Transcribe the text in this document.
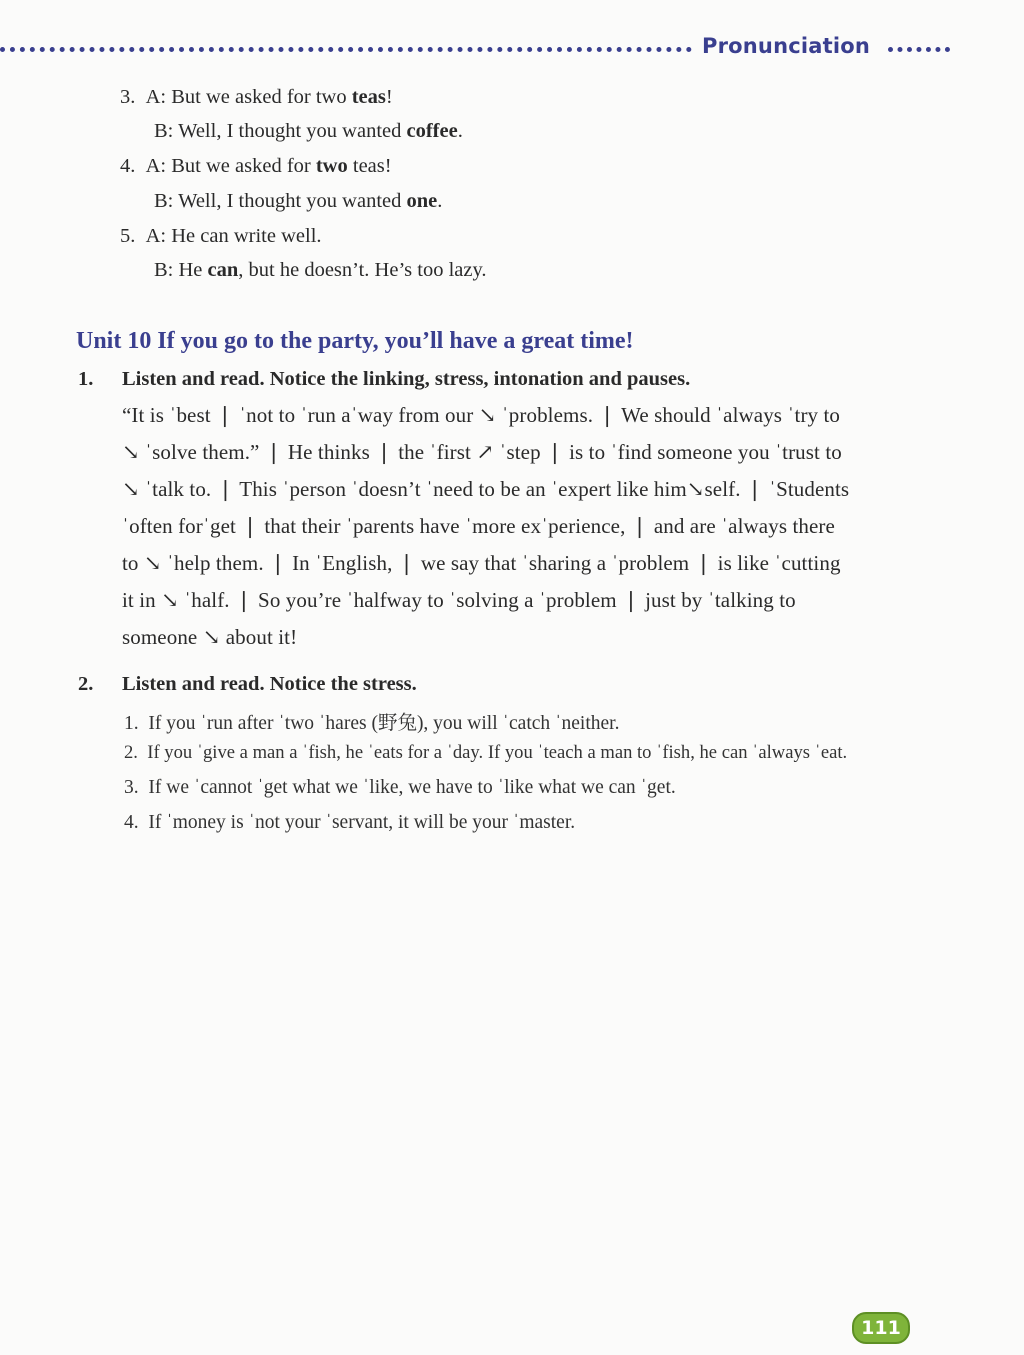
Pronunciation
3. A: But we asked for two teas!
B: Well, I thought you wanted coffee.
4. A: But we asked for two teas!
B: Well, I thought you wanted one.
5. A: He can write well.
B: He can, but he doesn’t. He’s too lazy.
Unit 10 If you go to the party, you’ll have a great time!
1. Listen and read. Notice the linking, stress, intonation and pauses.
“It is ˈbest ❘ ˈnot to ˈrun aˈway from our ↘ ˈproblems. ❘ We should ˈalways ˈtry to
↘ ˈsolve them.” ❘ He thinks ❘ the ˈfirst ↗ ˈstep ❘ is to ˈfind someone you ˈtrust to
↘ ˈtalk to. ❘ This ˈperson ˈdoesn’t ˈneed to be an ˈexpert like him↘self. ❘ ˈStudents
ˈoften forˈget ❘ that their ˈparents have ˈmore exˈperience, ❘ and are ˈalways there
to ↘ ˈhelp them. ❘ In ˈEnglish, ❘ we say that ˈsharing a ˈproblem ❘ is like ˈcutting
it in ↘ ˈhalf. ❘ So you’re ˈhalfway to ˈsolving a ˈproblem ❘ just by ˈtalking to
someone ↘ about it!
2. Listen and read. Notice the stress.
1. If you ˈrun after ˈtwo ˈhares (野兔), you will ˈcatch ˈneither.
2. If you ˈgive a man a ˈfish, he ˈeats for a ˈday. If you ˈteach a man to ˈfish, he can ˈalways ˈeat.
3. If we ˈcannot ˈget what we ˈlike, we have to ˈlike what we can ˈget.
4. If ˈmoney is ˈnot your ˈservant, it will be your ˈmaster.
111
